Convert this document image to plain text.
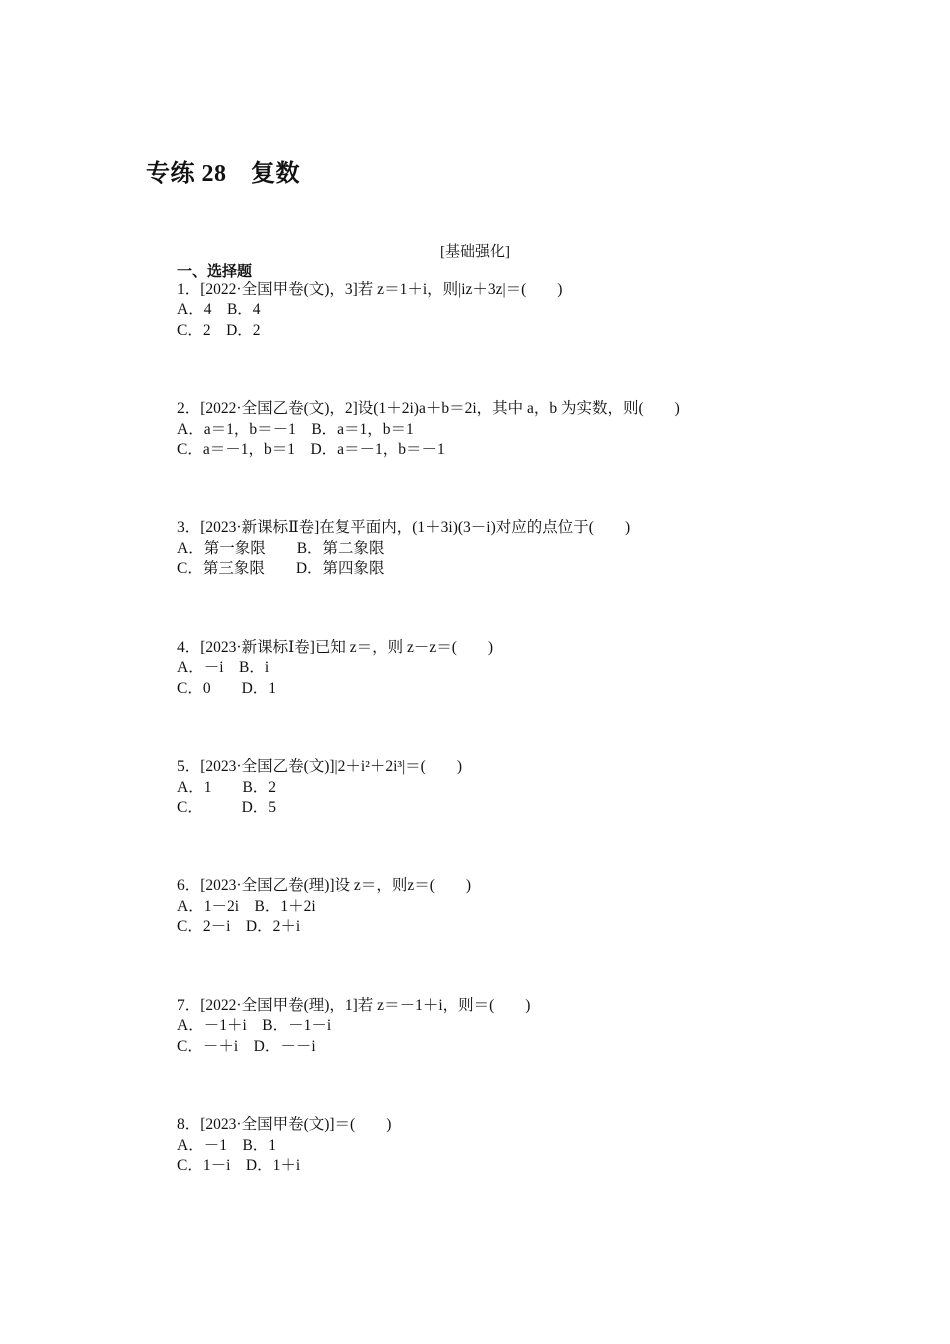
专练 28　复数
[基础强化]
一、选择题
1．[2022·全国甲卷(文)，3]若 z＝1＋i，则|iz＋3z|＝(　　)
A．4　B．4
C．2　D．2
2．[2022·全国乙卷(文)，2]设(1＋2i)a＋b＝2i，其中 a，b 为实数，则(　　)
A．a＝1，b＝－1　B．a＝1，b＝1
C．a＝－1，b＝1　D．a＝－1，b＝－1
3．[2023·新课标Ⅱ卷]在复平面内，(1＋3i)(3－i)对应的点位于(　　)
A．第一象限　　B．第二象限
C．第三象限　　D．第四象限
4．[2023·新课标Ⅰ卷]已知 z＝，则 z－z＝(　　)
A．－i　B．i
C．0　　D．1
5．[2023·全国乙卷(文)]|2＋i²＋2i³|＝(　　)
A．1　　B．2
C．　　　D．5
6．[2023·全国乙卷(理)]设 z＝，则z＝(　　)
A．1－2i　B．1＋2i
C．2－i　D．2＋i
7．[2022·全国甲卷(理)，1]若 z＝－1＋i，则＝(　　)
A．－1＋i　B．－1－i
C．－＋i　D．－－i
8．[2023·全国甲卷(文)]＝(　　)
A．－1　B．1
C．1－i　D．1＋i
